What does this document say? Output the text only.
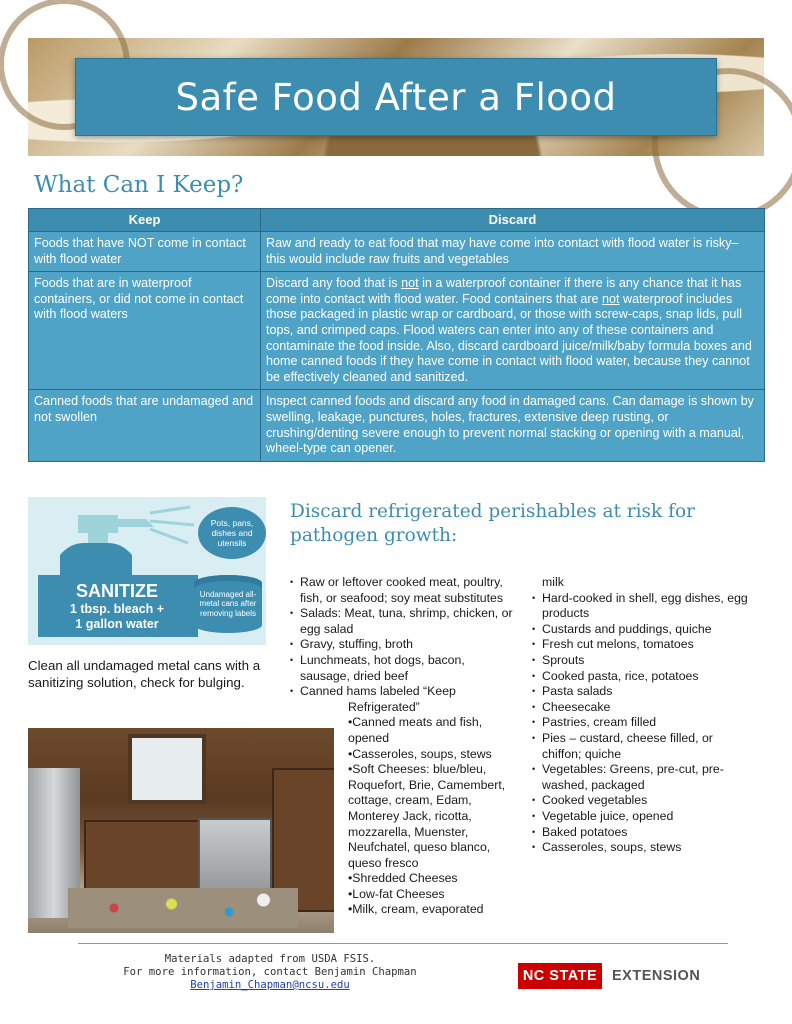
Safe Food After a Flood
What Can I Keep?
Keep	Discard
Foods that have NOT come in contact with flood water	Raw and ready to eat food that may have come into contact with flood water is risky– this would include raw fruits and vegetables
Foods that are in waterproof containers, or did not come in contact with flood waters	Discard any food that is not in a waterproof container if there is any chance that it has come into contact with flood water. Food containers that are not waterproof includes those packaged in plastic wrap or cardboard, or those with screw-caps, snap lids, pull tops, and crimped caps. Flood waters can enter into any of these containers and contaminate the food inside. Also, discard cardboard juice/milk/baby formula boxes and home canned foods if they have come in contact with flood water, because they cannot be effectively cleaned and sanitized.
Canned foods that are undamaged and not swollen	Inspect canned foods and discard any food in damaged cans. Can damage is shown by swelling, leakage, punctures, holes, fractures, extensive deep rusting, or crushing/denting severe enough to prevent normal stacking or opening with a manual, wheel-type can opener.
SANITIZE
1 tbsp. bleach +
1 gallon water
Pots, pans, dishes and utensils
Undamaged all-metal cans after removing labels

Clean all undamaged metal cans with a sanitizing solution, check for bulging.

Discard refrigerated perishables at risk for pathogen growth:
• Raw or leftover cooked meat, poultry, fish, or seafood; soy meat substitutes
• Salads: Meat, tuna, shrimp, chicken, or egg salad
• Gravy, stuffing, broth
• Lunchmeats, hot dogs, bacon, sausage, dried beef
• Canned hams labeled “Keep
Refrigerated”
•Canned meats and fish, opened
•Casseroles, soups, stews
•Soft Cheeses: blue/bleu, Roquefort, Brie, Camembert, cottage, cream, Edam, Monterey Jack, ricotta, mozzarella, Muenster, Neufchatel, queso blanco, queso fresco
•Shredded Cheeses
•Low-fat Cheeses
•Milk, cream, evaporated
milk
• Hard-cooked in shell, egg dishes, egg products
• Custards and puddings, quiche
• Fresh cut melons, tomatoes
• Sprouts
• Cooked pasta, rice, potatoes
• Pasta salads
• Cheesecake
• Pastries, cream filled
• Pies – custard, cheese filled, or chiffon; quiche
• Vegetables: Greens, pre-cut, pre-washed, packaged
• Cooked vegetables
• Vegetable juice, opened
• Baked potatoes
• Casseroles, soups, stews
Materials adapted from USDA FSIS.
For more information, contact Benjamin Chapman
Benjamin_Chapman@ncsu.edu
NC STATE	EXTENSION
